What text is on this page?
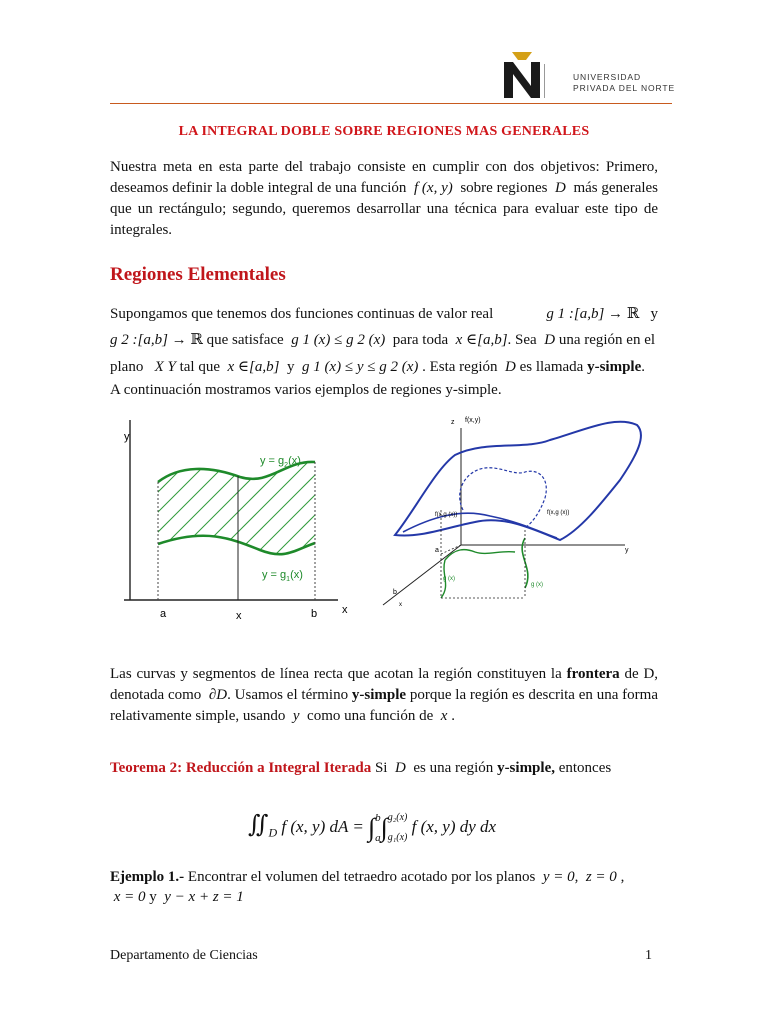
UNIVERSIDAD
PRIVADA DEL NORTE
LA INTEGRAL DOBLE SOBRE REGIONES MAS GENERALES
Nuestra meta en esta parte del trabajo consiste en cumplir con dos objetivos: Primero, deseamos definir la doble integral de una función f (x, y) sobre regiones D más generales que un rectángulo; segundo, queremos desarrollar una técnica para evaluar este tipo de integrales.
Regiones Elementales
Supongamos que tenemos dos funciones continuas de valor real	g 1 :[a,b] → ℝ y
g 2 :[a,b] → ℝ que satisface g 1 (x) ≤ g 2 (x) para toda x ∈[a,b]. Sea D una región en el
plano X Y tal que x ∈[a,b] y g 1 (x) ≤ y ≤ g 2 (x) . Esta región D es llamada y-simple.
A continuación mostramos varios ejemplos de regiones y-simple.
y
x
a	x	b
$y = g_2(x)$
$y = g_1(x)$
z f(x,y)
y
x
a
b
f(x,g (x))	f(x,g (x))
g (x)
g (x)
Las curvas y segmentos de línea recta que acotan la región constituyen la frontera de D, denotada como ∂D. Usamos el término y-simple porque la región es descrita en una forma relativamente simple, usando y como una función de x .
Teorema 2: Reducción a Integral Iterada Si D es una región y-simple, entonces
$∬_D$ f (x, y) dA = ∫ b
a ∫ g₂(x)
g₁(x)
f (x, y) dy dx
Ejemplo 1.- Encontrar el volumen del tetraedro acotado por los planos y = 0, z = 0 ,
x = 0 y y − x + z = 1
Departamento de Ciencias	1
